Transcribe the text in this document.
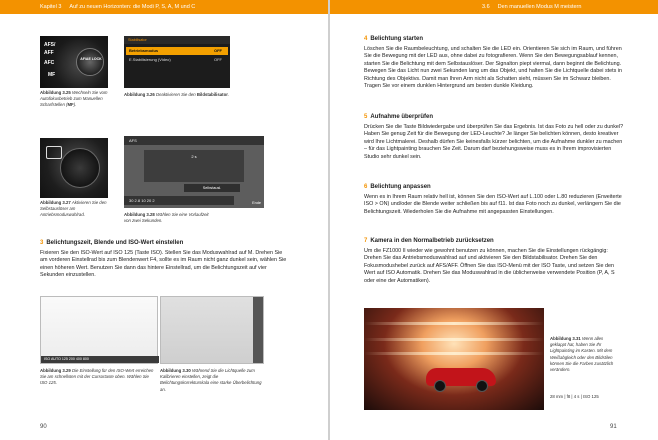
Kapitel 3 Auf zu neuen Horizonten: die Modi P, S, A, M und C
AFS/
AFF
AFC
MF
AF/AE LOCK
Abbildung 3.25 Wechseln Sie vom Autofokusbetrieb zum Manuellen Scharfstellen (MF).
Stabilisator
Betriebsmodus	OFF
E.Stabilisierung (Video)	OFF
Abbildung 3.26 Deaktivieren Sie den Bildstabilisator.
Abbildung 3.27 Aktivieren Sie den Selbstauslöser am Antriebsmoduswahlrad.
AFS
2 s
Selbstausl.
30 2.8 10 20 2	Ende
Abbildung 3.28 Wählen Sie eine Vorlaufzeit von zwei Sekunden.
3 Belichtungszeit, Blende und ISO-Wert einstellen
Fixieren Sie den ISO-Wert auf ISO 125 (Taste ISO). Stellen Sie das Moduswahlrad auf M. Drehen Sie am vorderen Einstellrad bis zum Blendenwert F4, sollte es im Raum nicht ganz dunkel sein, wählen Sie einen höheren Wert. Benutzen Sie dann das hintere Einstellrad, um die Belichtungszeit auf vier Sekunden einzustellen.
ISO AUTO 125 200 400 800
Abbildung 3.29 Die Einstellung für den ISO-Wert erreichen Sie am schnellsten mit der Cursortaste oben. Wählen Sie ISO 125.
Abbildung 3.30 Während Sie die Lichtquelle zum Kalibrieren einstellen, zeigt die Belichtungskorrekturskala eine starke Überbelichtung an.
90
3.6 Den manuellen Modus M meistern
4 Belichtung starten
Löschen Sie die Raumbeleuchtung, und schalten Sie die LED ein. Orientieren Sie sich im Raum, und führen Sie die Bewegung mit der LED aus, ohne dabei zu fotografieren. Wenn Sie den Bewegungsablauf kennen, starten Sie die Belichtung mit dem Selbstauslöser. Der Signalton piept viermal, dann beginnt die Belichtung. Bewegen Sie das Licht nun zwei Sekunden lang um das Objekt, und halten Sie die Lichtquelle dabei stets in Richtung des Objektivs. Damit man Ihren Arm nicht als Schatten sieht, müssen Sie im Schwarz bleiben. Tragen Sie vor einem dunklen Hintergrund am besten dunkle Kleidung.
5 Aufnahme überprüfen
Drücken Sie die Taste Bildwiedergabe und überprüfen Sie das Ergebnis. Ist das Foto zu hell oder zu dunkel? Haben Sie genug Zeit für die Bewegung der LED-Leuchte? Je länger Sie belichten können, desto kreativer wird Ihre Lichtmalerei. Deshalb dürfen Sie keinesfalls kürzer belichten, um die Aufnahme dunkler zu machen – für das Lightpainting brauchen Sie Zeit. Darum darf beziehungsweise muss es in Ihrem improvisierten Studio sehr dunkel sein.
6 Belichtung anpassen
Wenn es in Ihrem Raum relativ hell ist, können Sie den ISO-Wert auf L.100 oder L.80 reduzieren (Erweiterte ISO > ON) und/oder die Blende weiter schließen bis auf f11. Ist das Foto noch zu dunkel, verlängern Sie die Belichtungszeit. Wiederholen Sie die Aufnahme mit angepassten Einstellungen.
7 Kamera in den Normalbetrieb zurücksetzen
Um die FZ1000 II wieder wie gewohnt benutzen zu können, machen Sie die Einstellungen rückgängig: Drehen Sie das Antriebsmoduswahlrad auf und aktivieren Sie den Bildstabilisator. Drehen Sie den Fokusmodushebel zurück auf AFS/AFF. Öffnen Sie das ISO-Menü mit der ISO Taste, und setzen Sie den Wert auf ISO Automatik. Drehen Sie das Moduswahlrad in die üblicherweise verwendete Position (P, A, S oder eine der Automatiken).
Abbildung 3.31 Wenn alles geklappt hat, haben Sie Ihr Lightpainting im Kasten. Mit dem Weißabgleich oder den Bildstilen können Sie die Farben zusätzlich verändern.
28 mm | f8 | 4 s | ISO 125
91
